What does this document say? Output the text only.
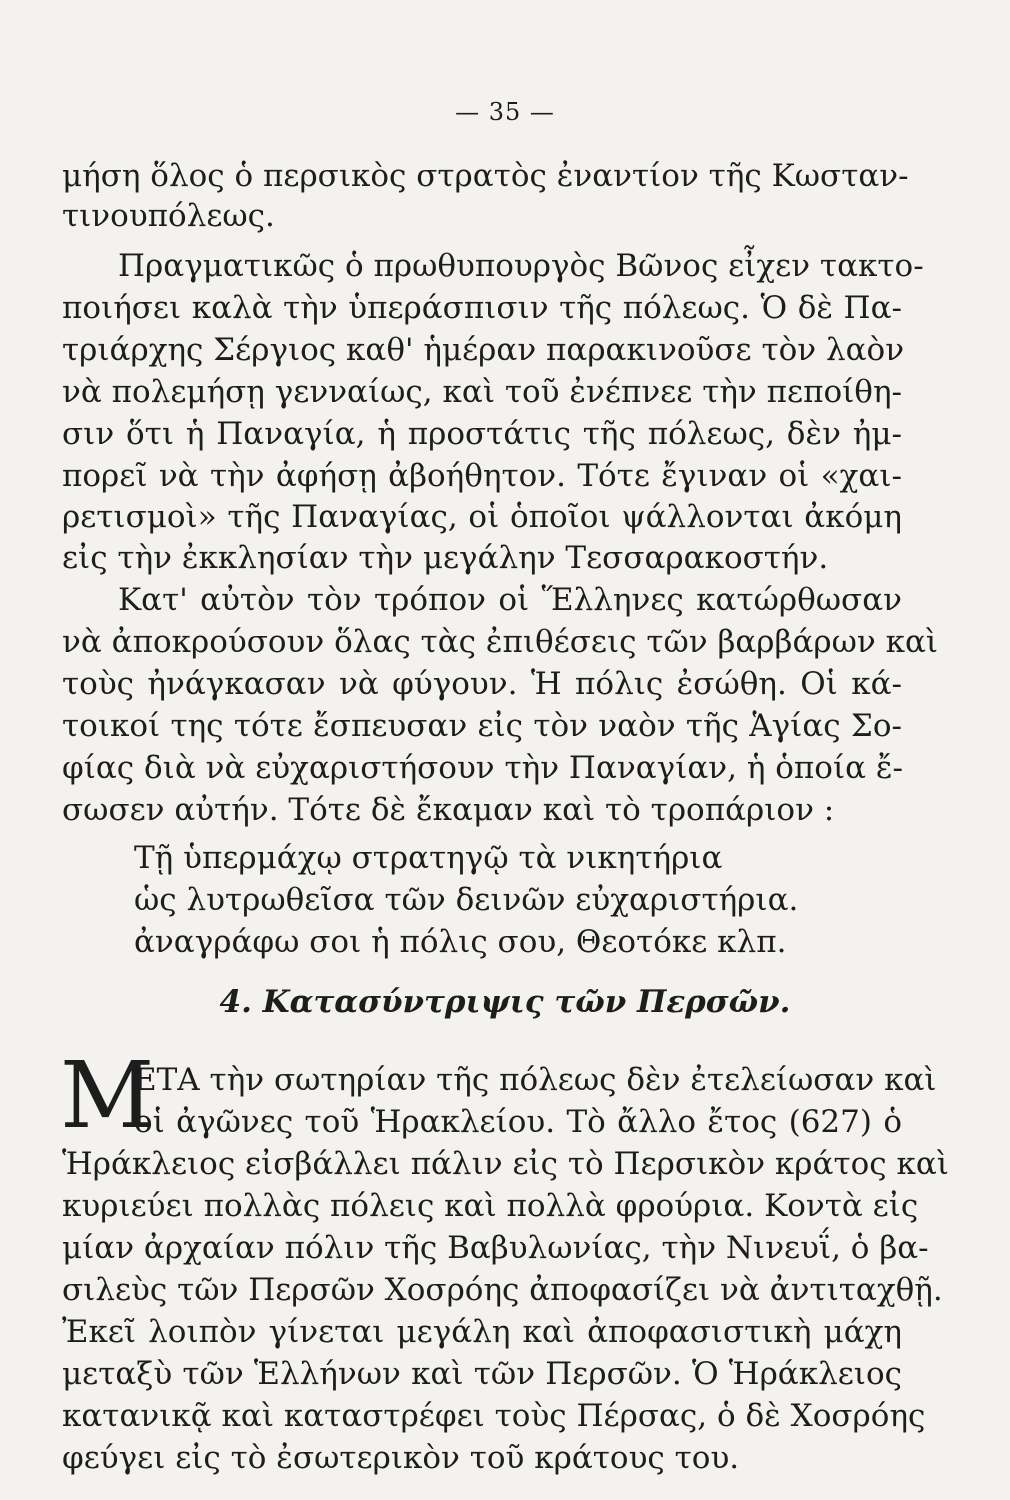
— 35 —
μήση ὅλος ὁ περσικὸς στρατὸς ἐναντίον τῆς Κωσταν-
τινουπόλεως.
Πραγματικῶς ὁ πρωθυπουργὸς Βῶνος εἶχεν τακτο-
ποιήσει καλὰ τὴν ὑπεράσπισιν τῆς πόλεως. Ὁ δὲ Πα-
τριάρχης Σέργιος καθ' ἡμέραν παρακινοῦσε τὸν λαὸν
νὰ πολεμήσῃ γενναίως, καὶ τοῦ ἐνέπνεε τὴν πεποίθη-
σιν ὅτι ἡ Παναγία, ἡ προστάτις τῆς πόλεως, δὲν ἠμ-
πορεῖ νὰ τὴν ἀφήσῃ ἀβοήθητον. Τότε ἔγιναν οἱ «χαι-
ρετισμοὶ» τῆς Παναγίας, οἱ ὁποῖοι ψάλλονται ἀκόμη
εἰς τὴν ἐκκλησίαν τὴν μεγάλην Τεσσαρακοστήν.
Κατ' αὐτὸν τὸν τρόπον οἱ Ἕλληνες κατώρθωσαν
νὰ ἀποκρούσουν ὅλας τὰς ἐπιθέσεις τῶν βαρβάρων καὶ
τοὺς ἠνάγκασαν νὰ φύγουν. Ἡ πόλις ἐσώθη. Οἱ κά-
τοικοί της τότε ἔσπευσαν εἰς τὸν ναὸν τῆς Ἁγίας Σο-
φίας διὰ νὰ εὐχαριστήσουν τὴν Παναγίαν, ἡ ὁποία ἔ-
σωσεν αὐτήν. Τότε δὲ ἔκαμαν καὶ τὸ τροπάριον :
Τῇ ὑπερμάχῳ στρατηγῷ τὰ νικητήρια
ὡς λυτρωθεῖσα τῶν δεινῶν εὐχαριστήρια.
ἀναγράφω σοι ἡ πόλις σου, Θεοτόκε κλπ.
4. Κατασύντριψις τῶν Περσῶν.
Μ
ΕΤΑ τὴν σωτηρίαν τῆς πόλεως δὲν ἐτελείωσαν καὶ
οἱ ἀγῶνες τοῦ Ἡρακλείου. Τὸ ἄλλο ἔτος (627) ὁ
Ἡράκλειος εἰσβάλλει πάλιν εἰς τὸ Περσικὸν κράτος καὶ
κυριεύει πολλὰς πόλεις καὶ πολλὰ φρούρια. Κοντὰ εἰς
μίαν ἀρχαίαν πόλιν τῆς Βαβυλωνίας, τὴν Νινευΐ, ὁ βα-
σιλεὺς τῶν Περσῶν Χοσρόης ἀποφασίζει νὰ ἀντιταχθῇ.
Ἐκεῖ λοιπὸν γίνεται μεγάλη καὶ ἀποφασιστικὴ μάχη
μεταξὺ τῶν Ἑλλήνων καὶ τῶν Περσῶν. Ὁ Ἡράκλειος
κατανικᾷ καὶ καταστρέφει τοὺς Πέρσας, ὁ δὲ Χοσρόης
φεύγει εἰς τὸ ἐσωτερικὸν τοῦ κράτους του.
